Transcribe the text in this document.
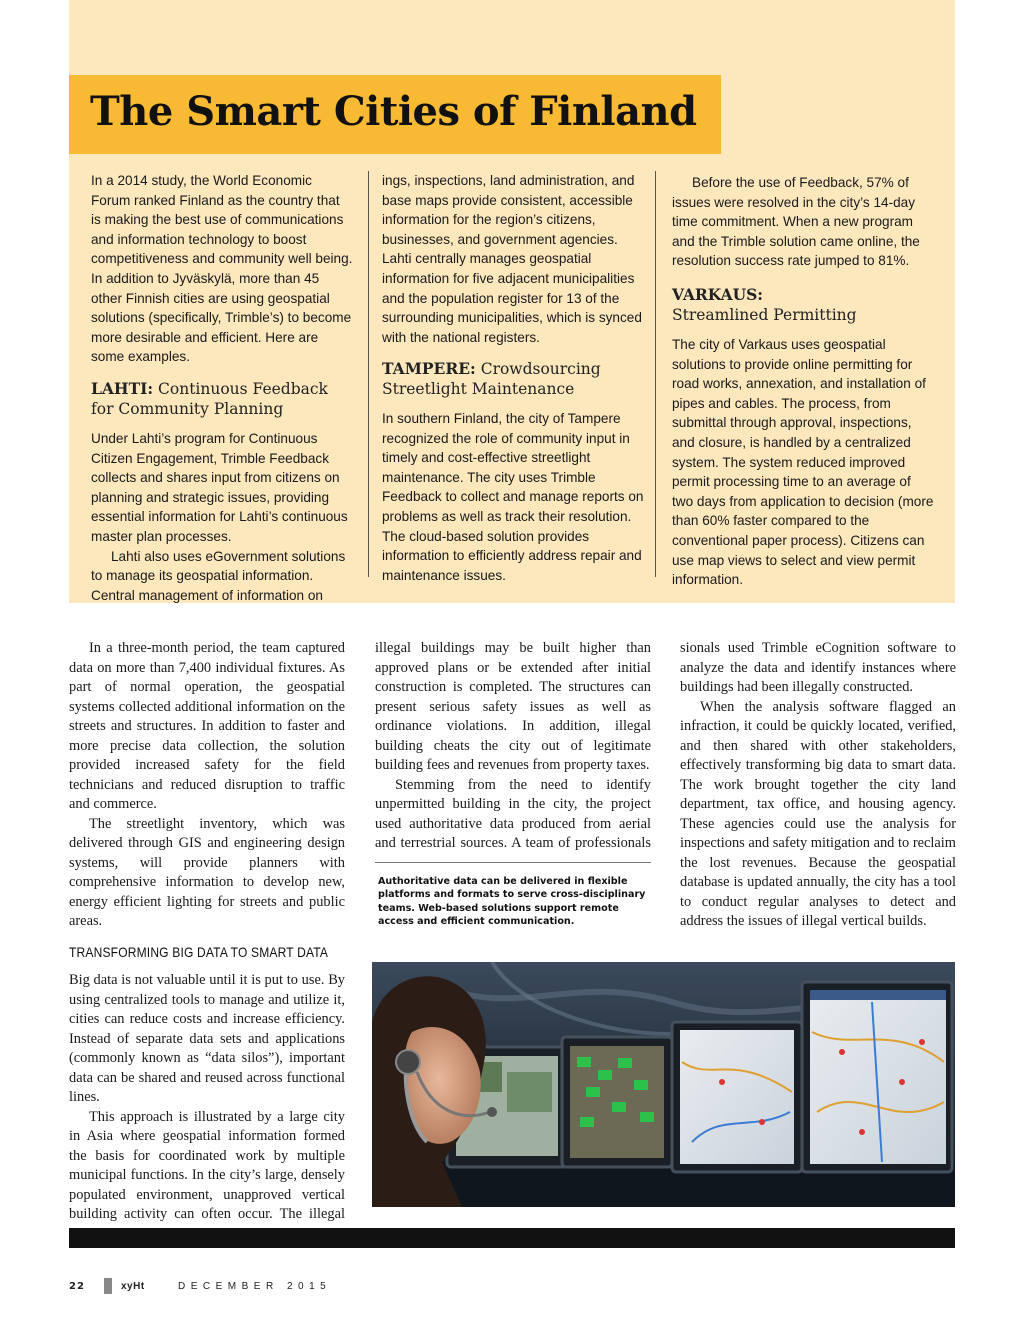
The Smart Cities of Finland

In a 2014 study, the World Economic Forum ranked Finland as the country that is making the best use of communications and information technology to boost competitiveness and community well being. In addition to Jyväskylä, more than 45 other Finnish cities are using geospatial solutions (specifically, Trimble’s) to become more desirable and efficient. Here are some examples.

LAHTI: Continuous Feedback for Community Planning

Under Lahti’s program for Continuous Citizen Engagement, Trimble Feedback collects and shares input from citizens on planning and strategic issues, providing essential information for Lahti’s continuous master plan processes.

Lahti also uses eGovernment solutions to manage its geospatial information. Central management of information on

ings, inspections, land administration, and base maps provide consistent, accessible information for the region’s citizens, businesses, and government agencies. Lahti centrally manages geospatial information for five adjacent municipalities and the population register for 13 of the surrounding municipalities, which is synced with the national registers.

TAMPERE: Crowdsourcing Streetlight Maintenance

In southern Finland, the city of Tampere recognized the role of community input in timely and cost-effective streetlight maintenance. The city uses Trimble Feedback to collect and manage reports on problems as well as track their resolution. The cloud-based solution provides information to efficiently address repair and maintenance issues.

Before the use of Feedback, 57% of issues were resolved in the city’s 14-day time commitment. When a new program and the Trimble solution came online, the resolution success rate jumped to 81%.

VARKAUS:
Streamlined Permitting

The city of Varkaus uses geospatial solutions to provide online permitting for road works, annexation, and installation of pipes and cables. The process, from submittal through approval, inspections, and closure, is handled by a centralized system. The system reduced improved permit processing time to an average of two days from application to decision (more than 60% faster compared to the conventional paper process). Citizens can use map views to select and view permit information.

In a three-month period, the team captured data on more than 7,400 individual fixtures. As part of normal operation, the geospatial systems collected additional information on the streets and structures. In addition to faster and more precise data collection, the solution provided increased safety for the field technicians and reduced disruption to traffic and commerce.

The streetlight inventory, which was delivered through GIS and engineering design systems, will provide planners with comprehensive information to develop new, energy efficient lighting for streets and public areas.

TRANSFORMING BIG DATA TO SMART DATA

Big data is not valuable until it is put to use. By using centralized tools to manage and utilize it, cities can reduce costs and increase efficiency. Instead of separate data sets and applications (commonly known as “data silos”), important data can be shared and reused across functional lines.

This approach is illustrated by a large city in Asia where geospatial information formed the basis for coordinated work by multiple municipal functions. In the city’s large, densely populated environment, unapproved vertical building activity can often occur. The illegal

illegal buildings may be built higher than approved plans or be extended after initial construction is completed. The structures can present serious safety issues as well as ordinance violations. In addition, illegal building cheats the city out of legitimate building fees and revenues from property taxes.

Stemming from the need to identify unpermitted building in the city, the project used authoritative data produced from aerial and terrestrial sources. A team of professionals

Authoritative data can be delivered in flexible platforms and formats to serve cross-disciplinary teams. Web-based solutions support remote access and efficient communication.

sionals used Trimble eCognition software to analyze the data and identify instances where buildings had been illegally constructed.

When the analysis software flagged an infraction, it could be quickly located, verified, and then shared with other stakeholders, effectively transforming big data to smart data. The work brought together the city land department, tax office, and housing agency. These agencies could use the analysis for inspections and safety mitigation and to reclaim the lost revenues. Because the geospatial database is updated annually, the city has a tool to conduct regular analyses to detect and address the issues of illegal vertical builds.

22	xyHt	DECEMBER 2015
